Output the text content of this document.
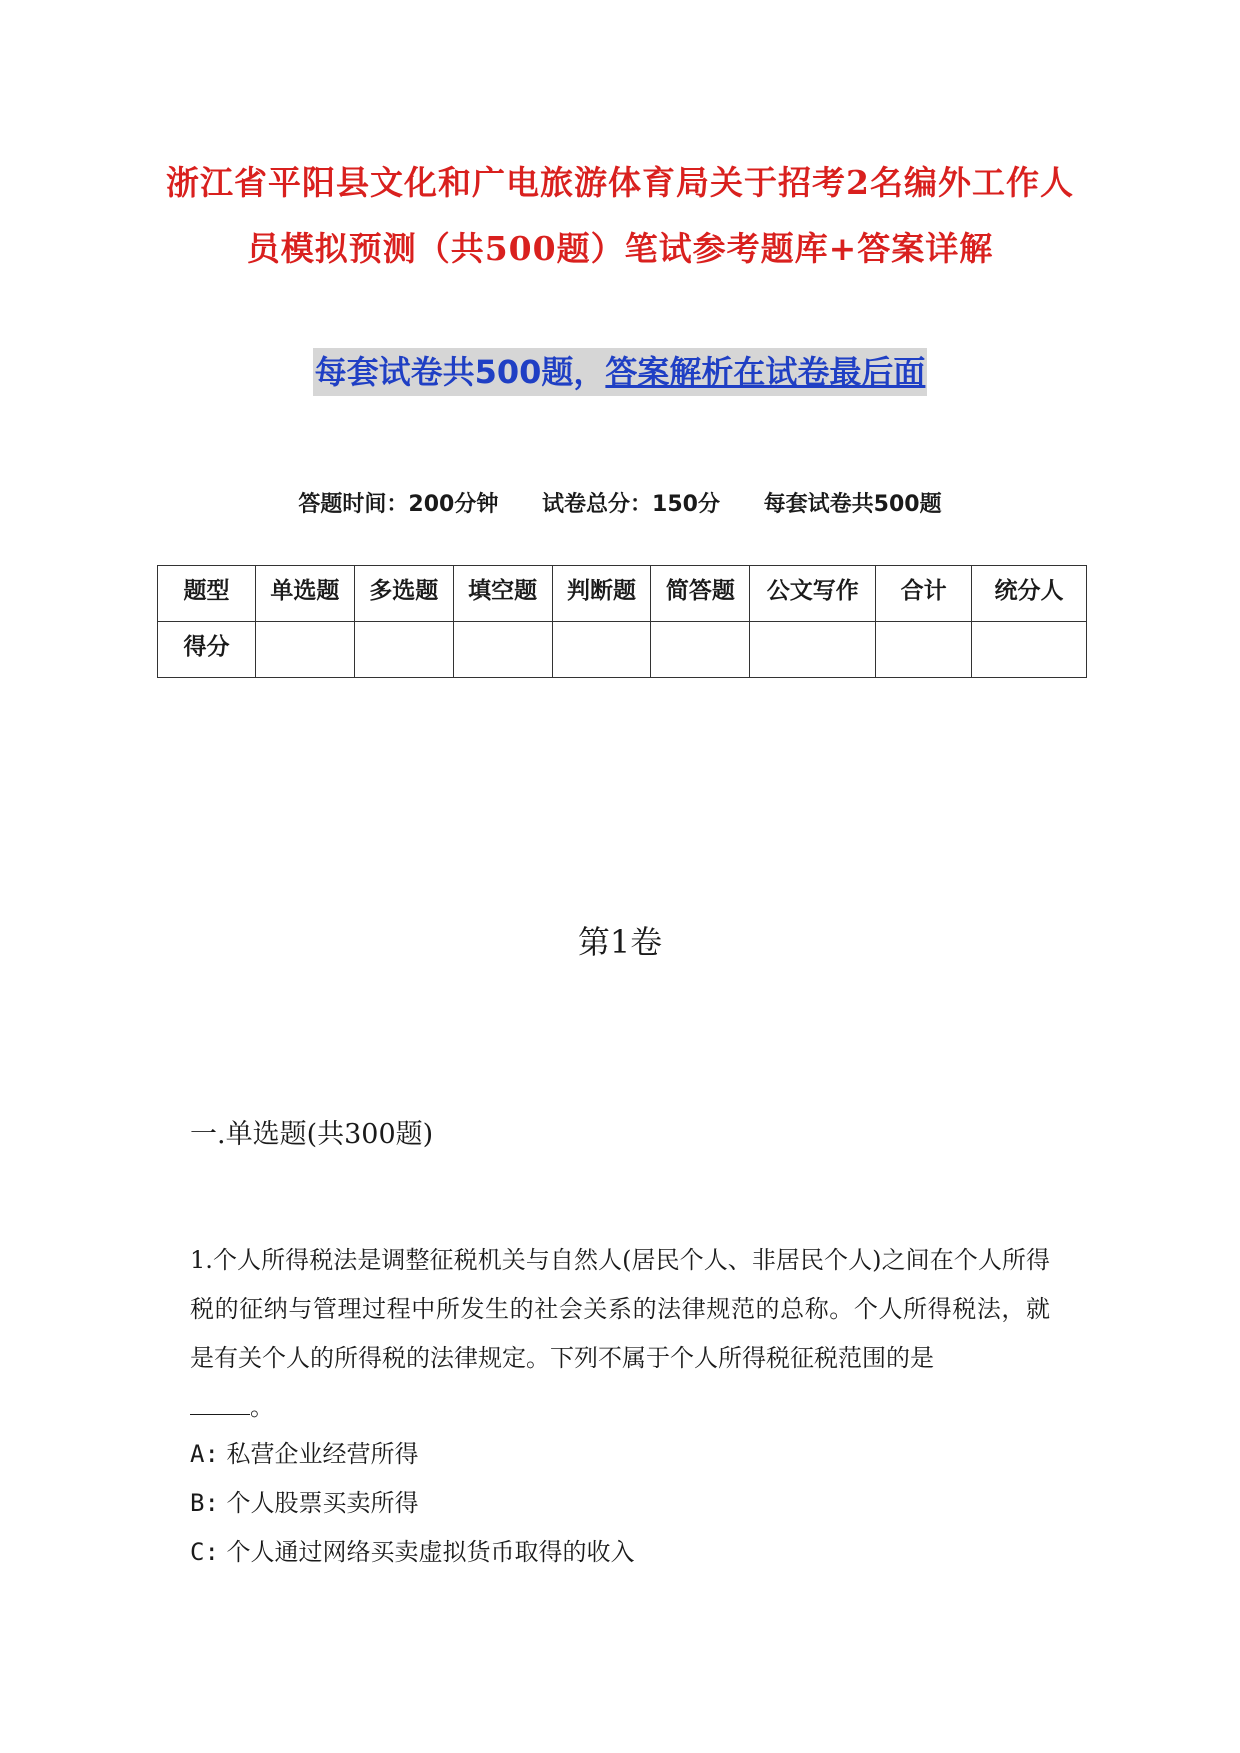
浙江省平阳县文化和广电旅游体育局关于招考2名编外工作人员模拟预测（共500题）笔试参考题库+答案详解
每套试卷共500题，答案解析在试卷最后面
答题时间：200分钟 试卷总分：150分 每套试卷共500题
题型	单选题	多选题	填空题	判断题	简答题	公文写作	合计	统分人
得分								
第1卷
一.单选题(共300题)
1.个人所得税法是调整征税机关与自然人(居民个人、非居民个人)之间在个人所得税的征纳与管理过程中所发生的社会关系的法律规范的总称。个人所得税法，就是有关个人的所得税的法律规定。下列不属于个人所得税征税范围的是
。
A: 私营企业经营所得
B: 个人股票买卖所得
C: 个人通过网络买卖虚拟货币取得的收入
